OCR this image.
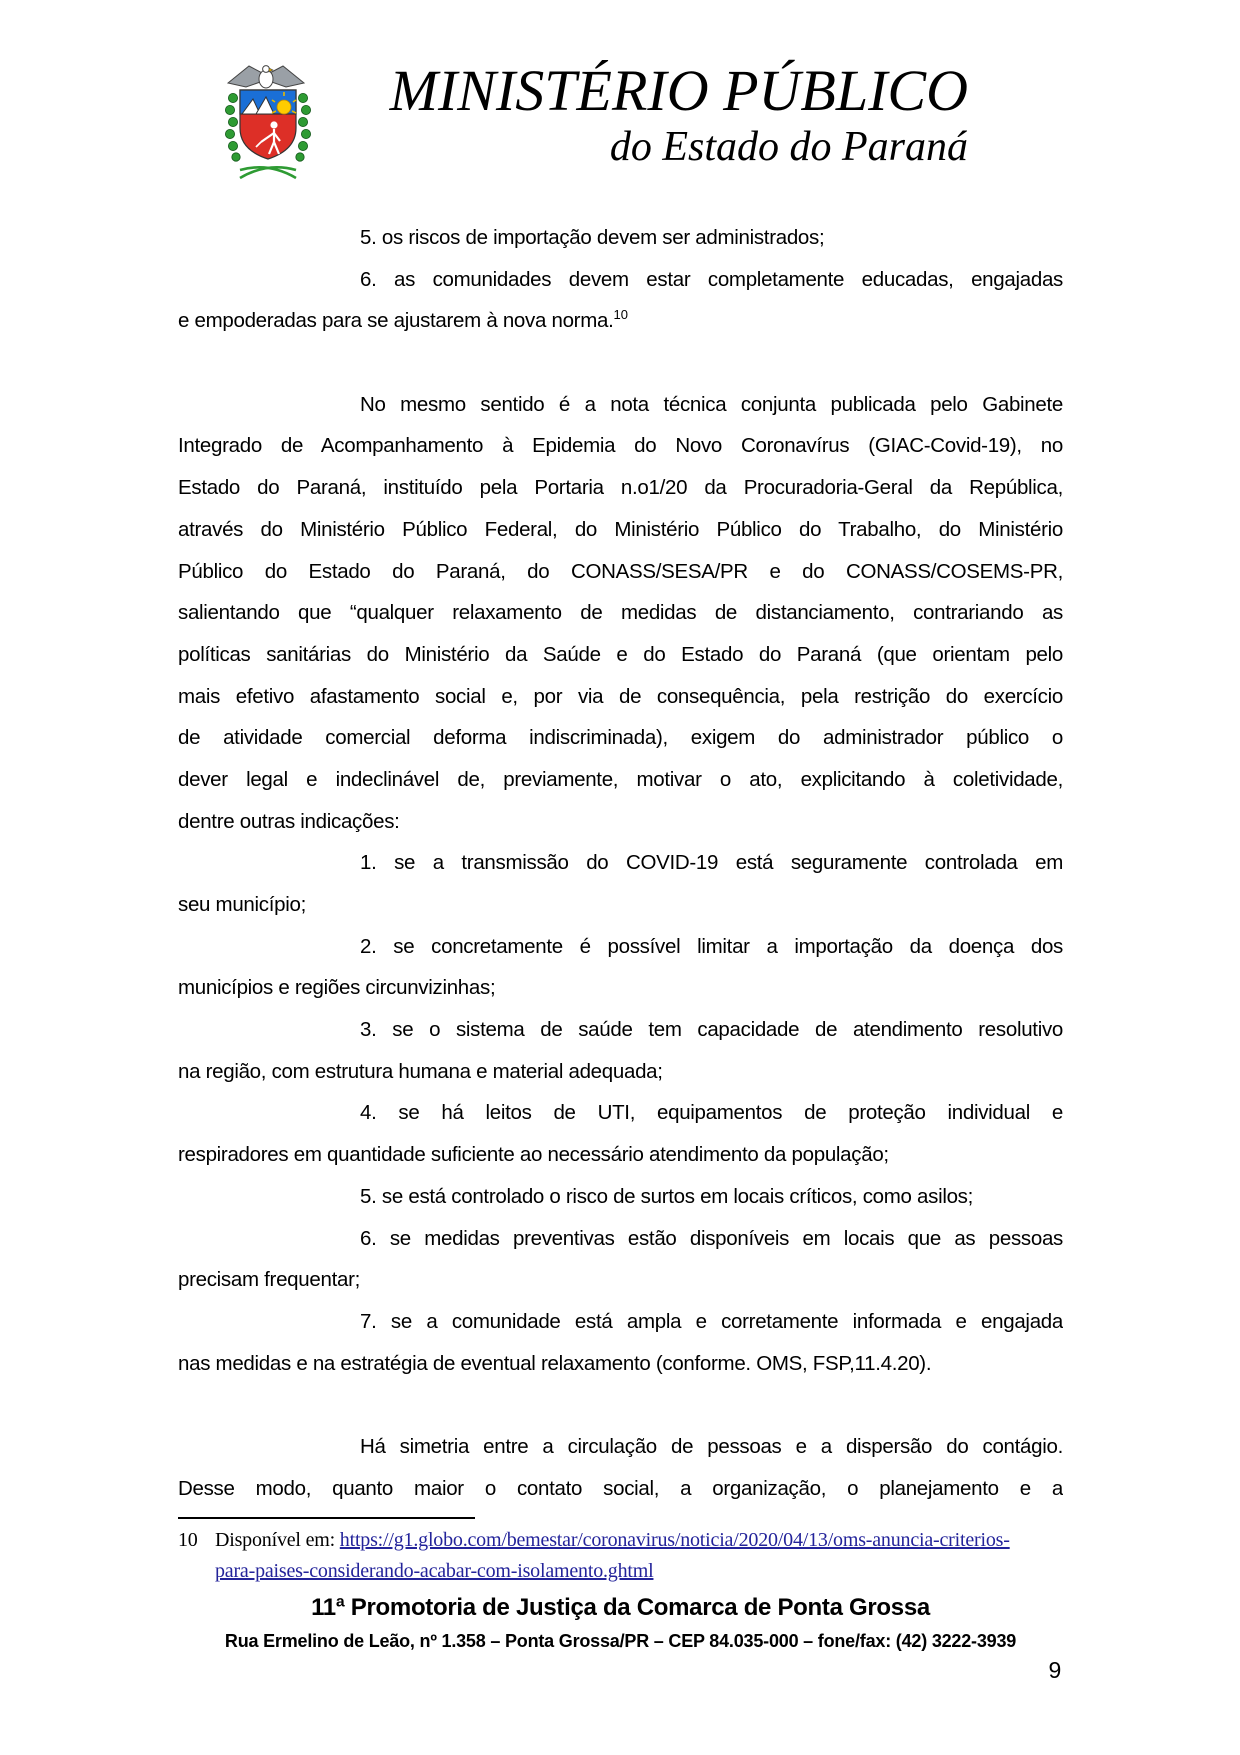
MINISTÉRIO PÚBLICO
do Estado do Paraná
5. os riscos de importação devem ser administrados;
6. as comunidades devem estar completamente educadas, engajadas
e empoderadas para se ajustarem à nova norma.$^{10}$
No mesmo sentido é a nota técnica conjunta publicada pelo Gabinete
Integrado de Acompanhamento à Epidemia do Novo Coronavírus (GIAC-Covid-19), no
Estado do Paraná, instituído pela Portaria n.o1/20 da Procuradoria-Geral da República,
através do Ministério Público Federal, do Ministério Público do Trabalho, do Ministério
Público do Estado do Paraná, do CONASS/SESA/PR e do CONASS/COSEMS-PR,
salientando que “qualquer relaxamento de medidas de distanciamento, contrariando as
políticas sanitárias do Ministério da Saúde e do Estado do Paraná (que orientam pelo
mais efetivo afastamento social e, por via de consequência, pela restrição do exercício
de atividade comercial deforma indiscriminada), exigem do administrador público o
dever legal e indeclinável de, previamente, motivar o ato, explicitando à coletividade,
dentre outras indicações:
1. se a transmissão do COVID-19 está seguramente controlada em
seu município;
2. se concretamente é possível limitar a importação da doença dos
municípios e regiões circunvizinhas;
3. se o sistema de saúde tem capacidade de atendimento resolutivo
na região, com estrutura humana e material adequada;
4. se há leitos de UTI, equipamentos de proteção individual e
respiradores em quantidade suficiente ao necessário atendimento da população;
5. se está controlado o risco de surtos em locais críticos, como asilos;
6. se medidas preventivas estão disponíveis em locais que as pessoas
precisam frequentar;
7. se a comunidade está ampla e corretamente informada e engajada
nas medidas e na estratégia de eventual relaxamento (conforme. OMS, FSP,11.4.20).
Há simetria entre a circulação de pessoas e a dispersão do contágio.
Desse modo, quanto maior o contato social, a organização, o planejamento e a
10 Disponível em: https://g1.globo.com/bemestar/coronavirus/noticia/2020/04/13/oms-anuncia-criterios-
para-paises-considerando-acabar-com-isolamento.ghtml
11ª Promotoria de Justiça da Comarca de Ponta Grossa
Rua Ermelino de Leão, nº 1.358 – Ponta Grossa/PR – CEP 84.035-000 – fone/fax: (42) 3222-3939
9
